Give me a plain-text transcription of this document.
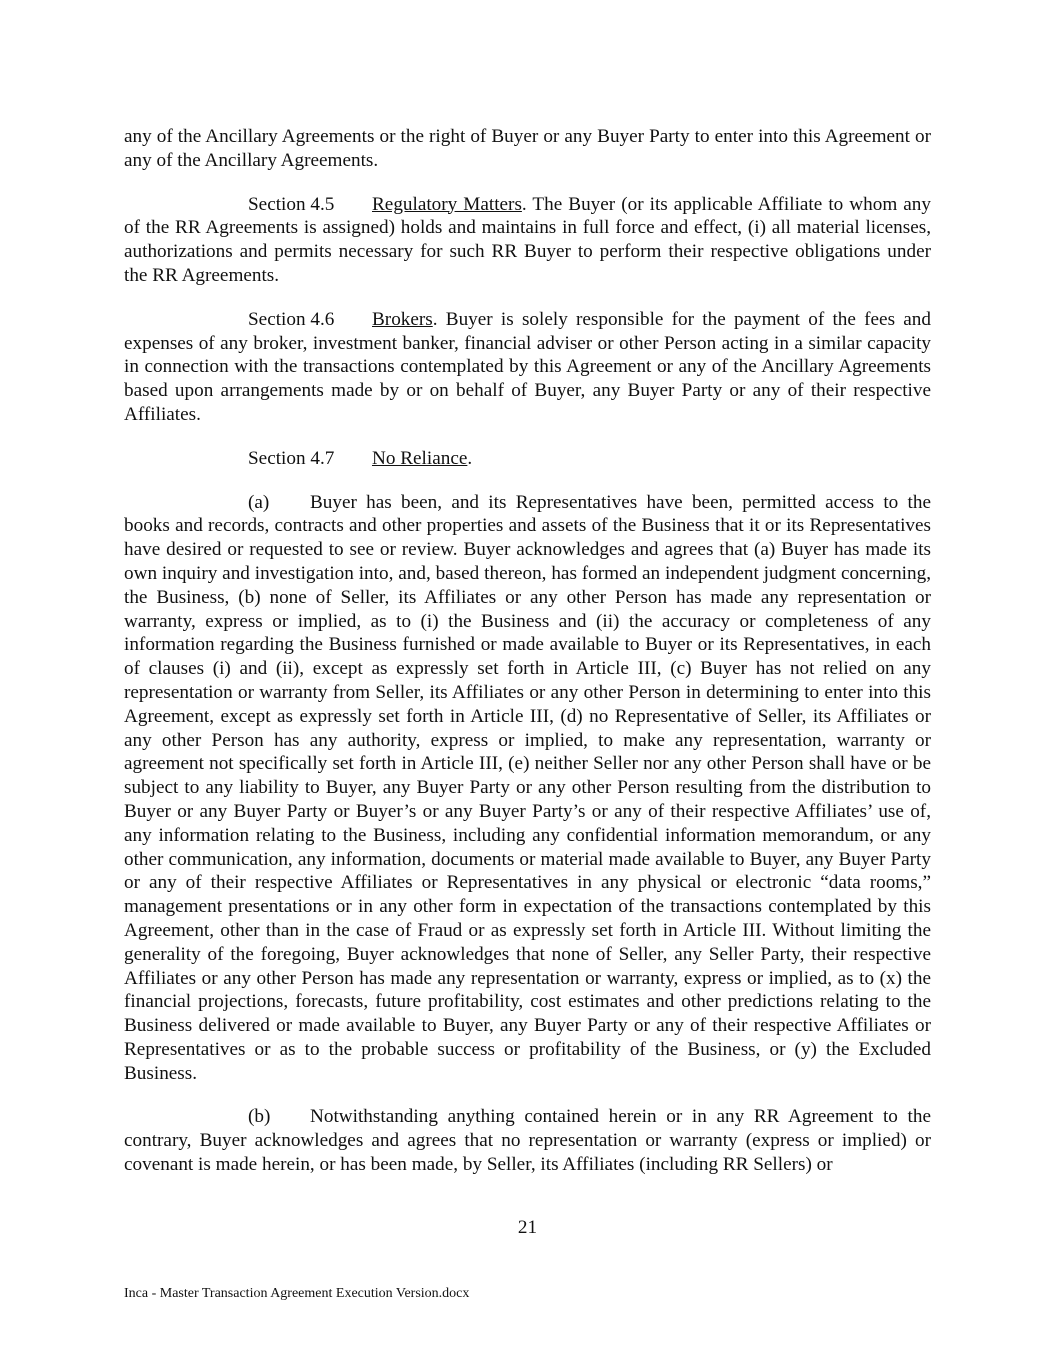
any of the Ancillary Agreements or the right of Buyer or any Buyer Party to enter into this Agreement or any of the Ancillary Agreements.

Section 4.5 Regulatory Matters. The Buyer (or its applicable Affiliate to whom any of the RR Agreements is assigned) holds and maintains in full force and effect, (i) all material licenses, authorizations and permits necessary for such RR Buyer to perform their respective obligations under the RR Agreements.

Section 4.6 Brokers. Buyer is solely responsible for the payment of the fees and expenses of any broker, investment banker, financial adviser or other Person acting in a similar capacity in connection with the transactions contemplated by this Agreement or any of the Ancillary Agreements based upon arrangements made by or on behalf of Buyer, any Buyer Party or any of their respective Affiliates.

Section 4.7 No Reliance.

(a) Buyer has been, and its Representatives have been, permitted access to the books and records, contracts and other properties and assets of the Business that it or its Representatives have desired or requested to see or review. Buyer acknowledges and agrees that (a) Buyer has made its own inquiry and investigation into, and, based thereon, has formed an independent judgment concerning, the Business, (b) none of Seller, its Affiliates or any other Person has made any representation or warranty, express or implied, as to (i) the Business and (ii) the accuracy or completeness of any information regarding the Business furnished or made available to Buyer or its Representatives, in each of clauses (i) and (ii), except as expressly set forth in Article III, (c) Buyer has not relied on any representation or warranty from Seller, its Affiliates or any other Person in determining to enter into this Agreement, except as expressly set forth in Article III, (d) no Representative of Seller, its Affiliates or any other Person has any authority, express or implied, to make any representation, warranty or agreement not specifically set forth in Article III, (e) neither Seller nor any other Person shall have or be subject to any liability to Buyer, any Buyer Party or any other Person resulting from the distribution to Buyer or any Buyer Party or Buyer’s or any Buyer Party’s or any of their respective Affiliates’ use of, any information relating to the Business, including any confidential information memorandum, or any other communication, any information, documents or material made available to Buyer, any Buyer Party or any of their respective Affiliates or Representatives in any physical or electronic “data rooms,” management presentations or in any other form in expectation of the transactions contemplated by this Agreement, other than in the case of Fraud or as expressly set forth in Article III. Without limiting the generality of the foregoing, Buyer acknowledges that none of Seller, any Seller Party, their respective Affiliates or any other Person has made any representation or warranty, express or implied, as to (x) the financial projections, forecasts, future profitability, cost estimates and other predictions relating to the Business delivered or made available to Buyer, any Buyer Party or any of their respective Affiliates or Representatives or as to the probable success or profitability of the Business, or (y) the Excluded Business.

(b) Notwithstanding anything contained herein or in any RR Agreement to the contrary, Buyer acknowledges and agrees that no representation or warranty (express or implied) or covenant is made herein, or has been made, by Seller, its Affiliates (including RR Sellers) or

21
Inca - Master Transaction Agreement Execution Version.docx
